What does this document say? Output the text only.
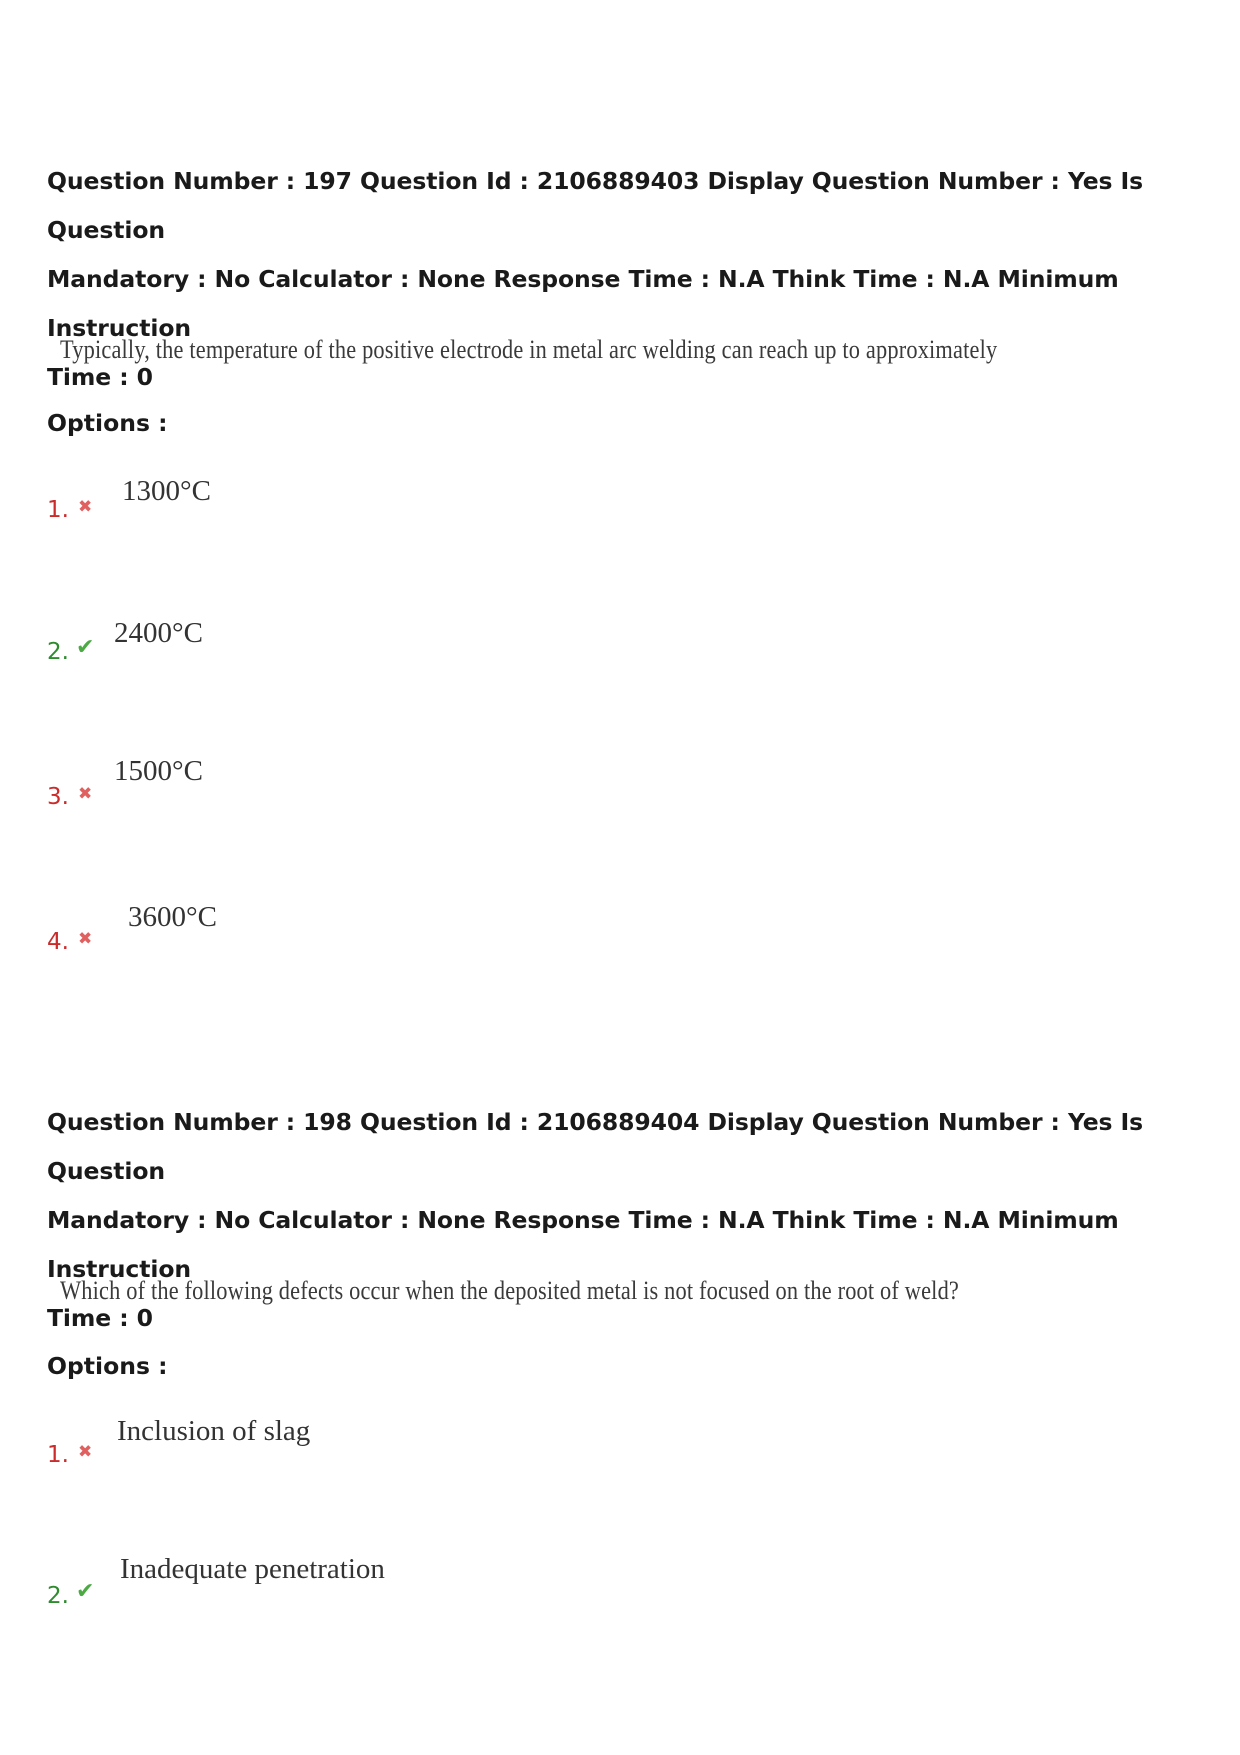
Question Number : 197 Question Id : 2106889403 Display Question Number : Yes Is Question
Mandatory : No Calculator : None Response Time : N.A Think Time : N.A Minimum Instruction
Time : 0

Typically, the temperature of the positive electrode in metal arc welding can reach up to approximately
Options :
1. ✖ 1300°C
2. ✔ 2400°C
3. ✖
1500°C
4. ✖
3600°C

Question Number : 198 Question Id : 2106889404 Display Question Number : Yes Is Question
Mandatory : No Calculator : None Response Time : N.A Think Time : N.A Minimum Instruction
Time : 0

Which of the following defects occur when the deposited metal is not focused on the root of weld?
Options :
1. ✖
Inclusion of slag
2. ✔
Inadequate penetration
